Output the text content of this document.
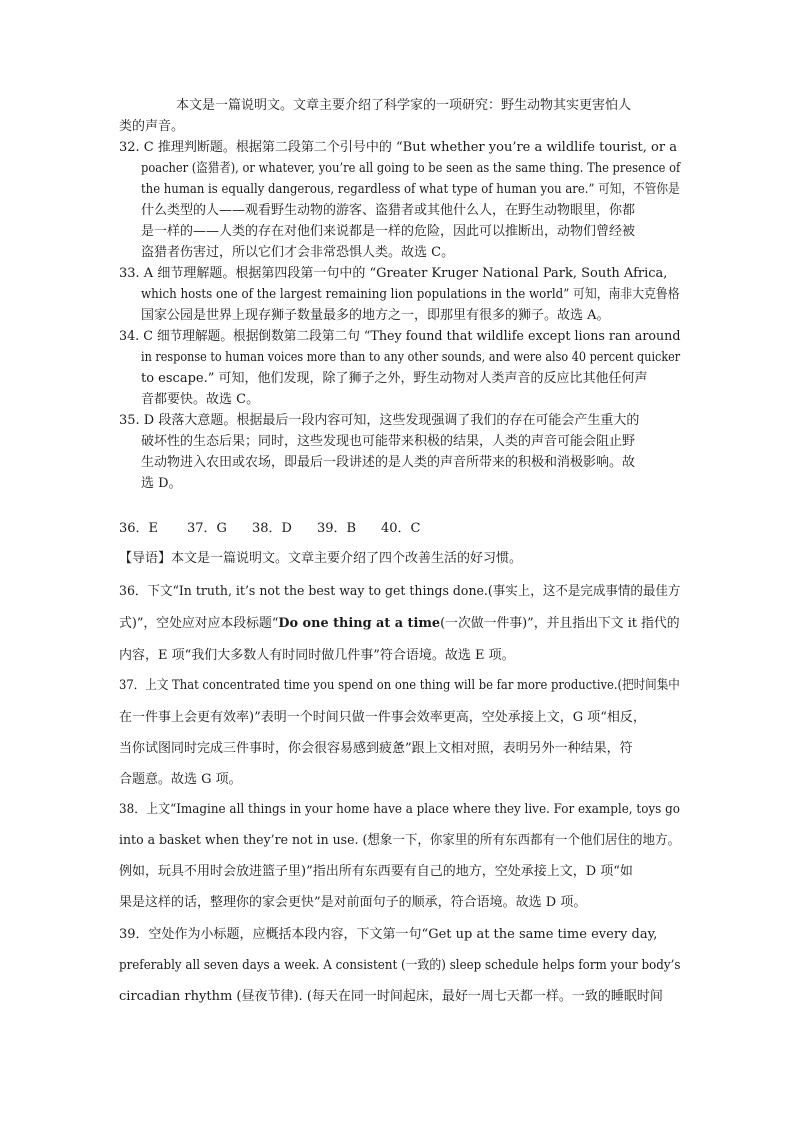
本文是一篇说明文。文章主要介绍了科学家的一项研究：野生动物其实更害怕人
类的声音。
32. C 推理判断题。根据第二段第二个引号中的 “But whether you’re a wildlife tourist, or a
poacher (盗猎者), or whatever, you’re all going to be seen as the same thing. The presence of
the human is equally dangerous, regardless of what type of human you are.” 可知，不管你是
什么类型的人——观看野生动物的游客、盗猎者或其他什么人，在野生动物眼里，你都
是一样的——人类的存在对他们来说都是一样的危险，因此可以推断出，动物们曾经被
盗猎者伤害过，所以它们才会非常恐惧人类。故选 C。
33. A 细节理解题。根据第四段第一句中的 “Greater Kruger National Park, South Africa,
which hosts one of the largest remaining lion populations in the world” 可知，南非大克鲁格
国家公园是世界上现存狮子数量最多的地方之一，即那里有很多的狮子。故选 A。
34. C 细节理解题。根据倒数第二段第二句 “They found that wildlife except lions ran around
in response to human voices more than to any other sounds, and were also 40 percent quicker
to escape.” 可知，他们发现，除了狮子之外，野生动物对人类声音的反应比其他任何声
音都要快。故选 C。
35. D 段落大意题。根据最后一段内容可知，这些发现强调了我们的存在可能会产生重大的
破坏性的生态后果；同时，这些发现也可能带来积极的结果，人类的声音可能会阻止野
生动物进入农田或农场，即最后一段讲述的是人类的声音所带来的积极和消极影响。故
选 D。
36．E 37．G 38．D 39．B 40．C
【导语】本文是一篇说明文。文章主要介绍了四个改善生活的好习惯。
36．下文“In truth, it’s not the best way to get things done.(事实上，这不是完成事情的最佳方
式)”，空处应对应本段标题“Do one thing at a time(一次做一件事)”，并且指出下文 it 指代的
内容，E 项“我们大多数人有时同时做几件事”符合语境。故选 E 项。
37．上文 That concentrated time you spend on one thing will be far more productive.(把时间集中
在一件事上会更有效率)”表明一个时间只做一件事会效率更高，空处承接上文，G 项“相反，
当你试图同时完成三件事时，你会很容易感到疲惫”跟上文相对照，表明另外一种结果，符
合题意。故选 G 项。
38．上文“Imagine all things in your home have a place where they live. For example, toys go
into a basket when they’re not in use. (想象一下，你家里的所有东西都有一个他们居住的地方。
例如，玩具不用时会放进篮子里)”指出所有东西要有自己的地方，空处承接上文，D 项“如
果是这样的话，整理你的家会更快”是对前面句子的顺承，符合语境。故选 D 项。
39．空处作为小标题，应概括本段内容，下文第一句“Get up at the same time every day,
preferably all seven days a week. A consistent (一致的) sleep schedule helps form your body’s
circadian rhythm (昼夜节律). (每天在同一时间起床，最好一周七天都一样。一致的睡眠时间
